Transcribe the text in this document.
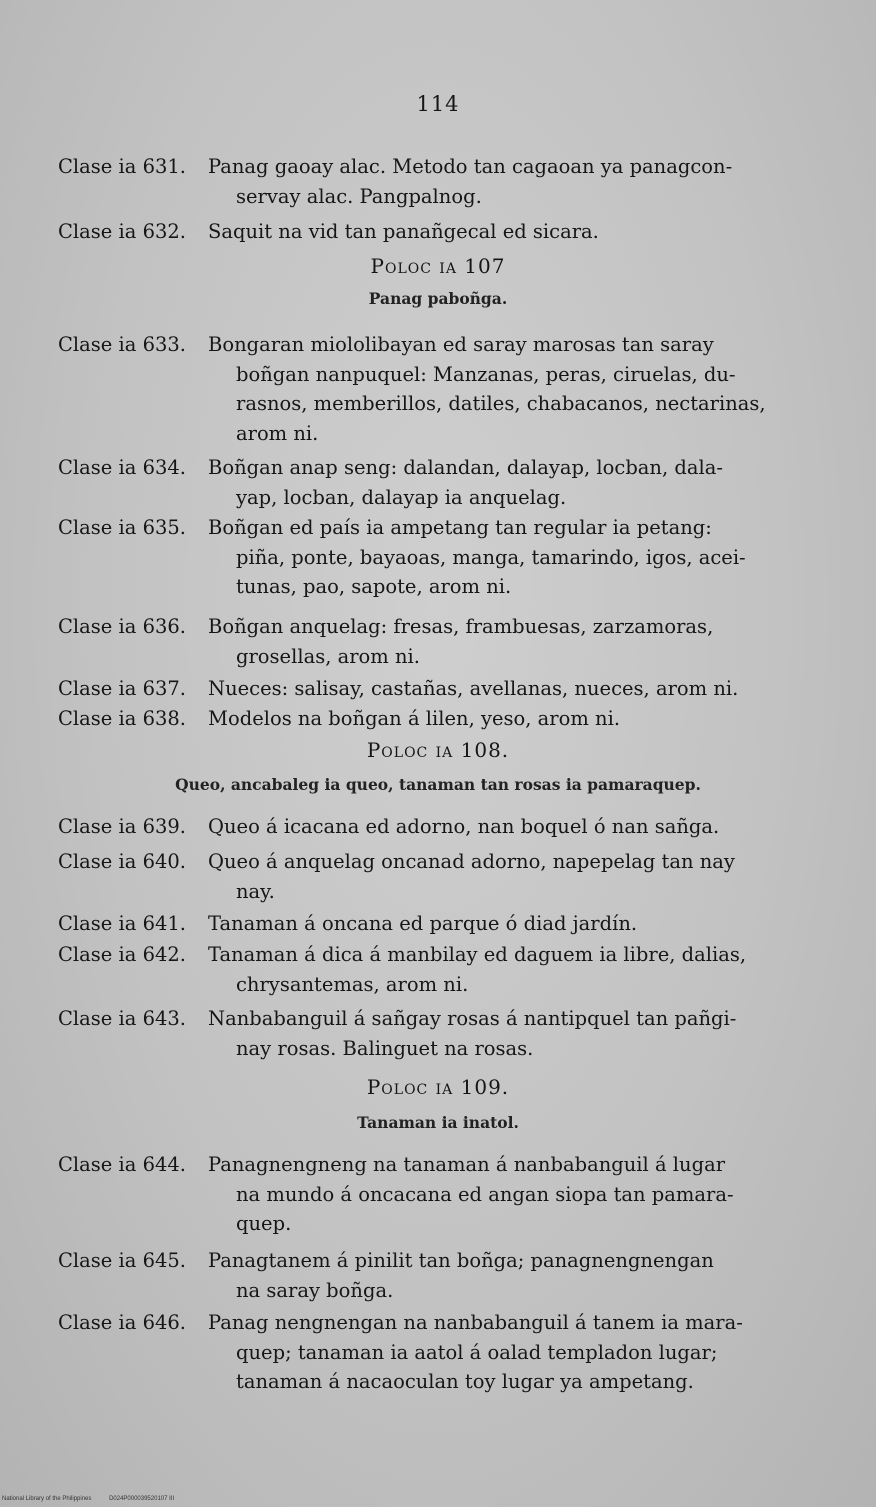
114
Clase ia 631. Panag gaoay alac. Metodo tan cagaoan ya panagcon-
servay alac. Pangpalnog.
Clase ia 632. Saquit na vid tan panañgecal ed sicara.
Poloc ia 107
Panag paboñga.
Clase ia 633. Bongaran miololibayan ed saray marosas tan saray
boñgan nanpuquel: Manzanas, peras, ciruelas, du-
rasnos, memberillos, datiles, chabacanos, nectarinas,
arom ni.
Clase ia 634. Boñgan anap seng: dalandan, dalayap, locban, dala-
yap, locban, dalayap ia anquelag.
Clase ia 635. Boñgan ed país ia ampetang tan regular ia petang:
piña, ponte, bayaoas, manga, tamarindo, igos, acei-
tunas, pao, sapote, arom ni.
Clase ia 636. Boñgan anquelag: fresas, frambuesas, zarzamoras,
grosellas, arom ni.
Clase ia 637. Nueces: salisay, castañas, avellanas, nueces, arom ni.
Clase ia 638. Modelos na boñgan á lilen, yeso, arom ni.
Poloc ia 108.
Queo, ancabaleg ia queo, tanaman tan rosas ia pamaraquep.
Clase ia 639. Queo á icacana ed adorno, nan boquel ó nan sañga.
Clase ia 640. Queo á anquelag oncanad adorno, napepelag tan nay
nay.
Clase ia 641. Tanaman á oncana ed parque ó diad jardín.
Clase ia 642. Tanaman á dica á manbilay ed daguem ia libre, dalias,
chrysantemas, arom ni.
Clase ia 643. Nanbabanguil á sañgay rosas á nantipquel tan pañgi-
nay rosas. Balinguet na rosas.
Poloc ia 109.
Tanaman ia inatol.
Clase ia 644. Panagnengneng na tanaman á nanbabanguil á lugar
na mundo á oncacana ed angan siopa tan pamara-
quep.
Clase ia 645. Panagtanem á pinilit tan boñga; panagnengnengan
na saray boñga.
Clase ia 646. Panag nengnengan na nanbabanguil á tanem ia mara-
quep; tanaman ia aatol á oalad templadon lugar;
tanaman á nacaoculan toy lugar ya ampetang.
National Library of the Philippines	D024P000039520107 III
